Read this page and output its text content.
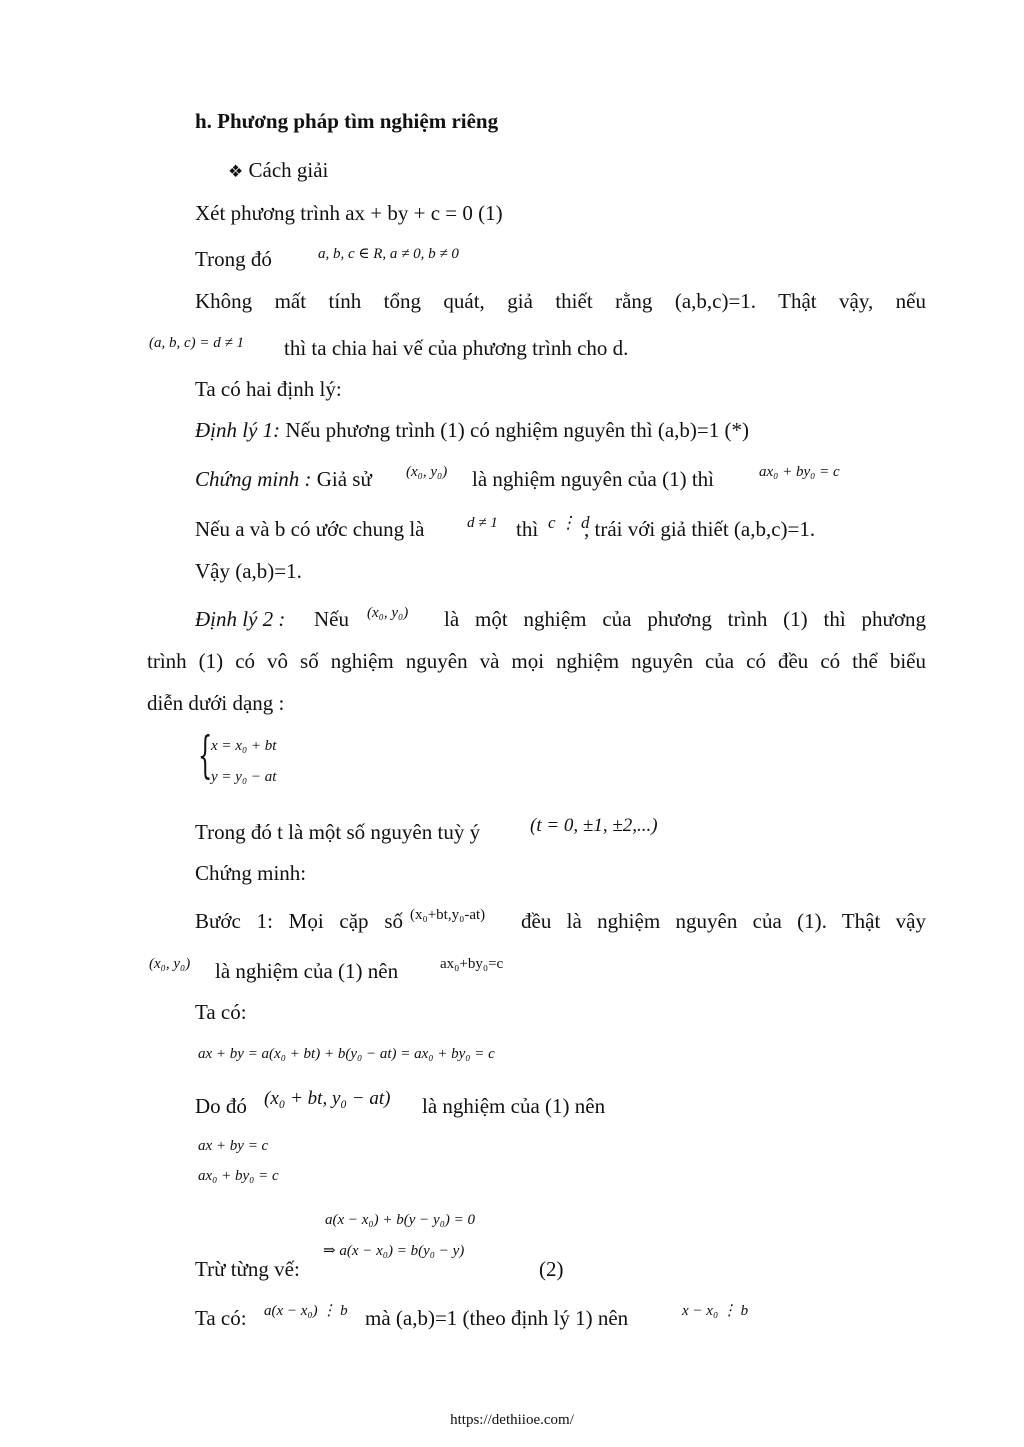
h. Phương pháp tìm nghiệm riêng
❖ Cách giải
Xét phương trình ax + by + c = 0 (1)
Trong đó	a, b, c ∈ R, a ≠ 0, b ≠ 0
Không mất tính tổng quát, giả thiết rằng (a,b,c)=1. Thật vậy, nếu
(a, b, c) = d ≠ 1 thì ta chia hai vế của phương trình cho d.
Ta có hai định lý:
Định lý 1: Nếu phương trình (1) có nghiệm nguyên thì (a,b)=1 (*)
Chứng minh : Giả sử (x₀, y₀) là nghiệm nguyên của (1) thì	ax₀ + by₀ = c
Nếu a và b có ước chung là	d ≠ 1 thì c ⋮ d
, trái với giả thiết (a,b,c)=1.
Vậy (a,b)=1.
Định lý 2 : Nếu (x₀, y₀) là một nghiệm của phương trình (1) thì phương
trình (1) có vô số nghiệm nguyên và mọi nghiệm nguyên của có đều có thể biểu
diễn dưới dạng :
{
x = x₀ + bt
y = y₀ − at
Trong đó t là một số nguyên tuỳ ý	(t = 0, ±1, ±2,...)
Chứng minh:
Bước 1: Mọi cặp số (x₀+bt,y₀-at) đều là nghiệm nguyên của (1). Thật vậy
(x₀, y₀) là nghiệm của (1) nên	ax₀+by₀=c
Ta có:
ax + by = a(x₀ + bt) + b(y₀ − at) = ax₀ + by₀ = c
Do đó (x₀ + bt, y₀ − at) là nghiệm của (1) nên
ax + by = c
ax₀ + by₀ = c
a(x − x₀) + b(y − y₀) = 0
⇒ a(x − x₀) = b(y₀ − y)
Trừ từng vế:	(2)
Ta có: a(x − x₀) ⋮ b mà (a,b)=1 (theo định lý 1) nên	x − x₀ ⋮ b
https://dethiioe.com/
